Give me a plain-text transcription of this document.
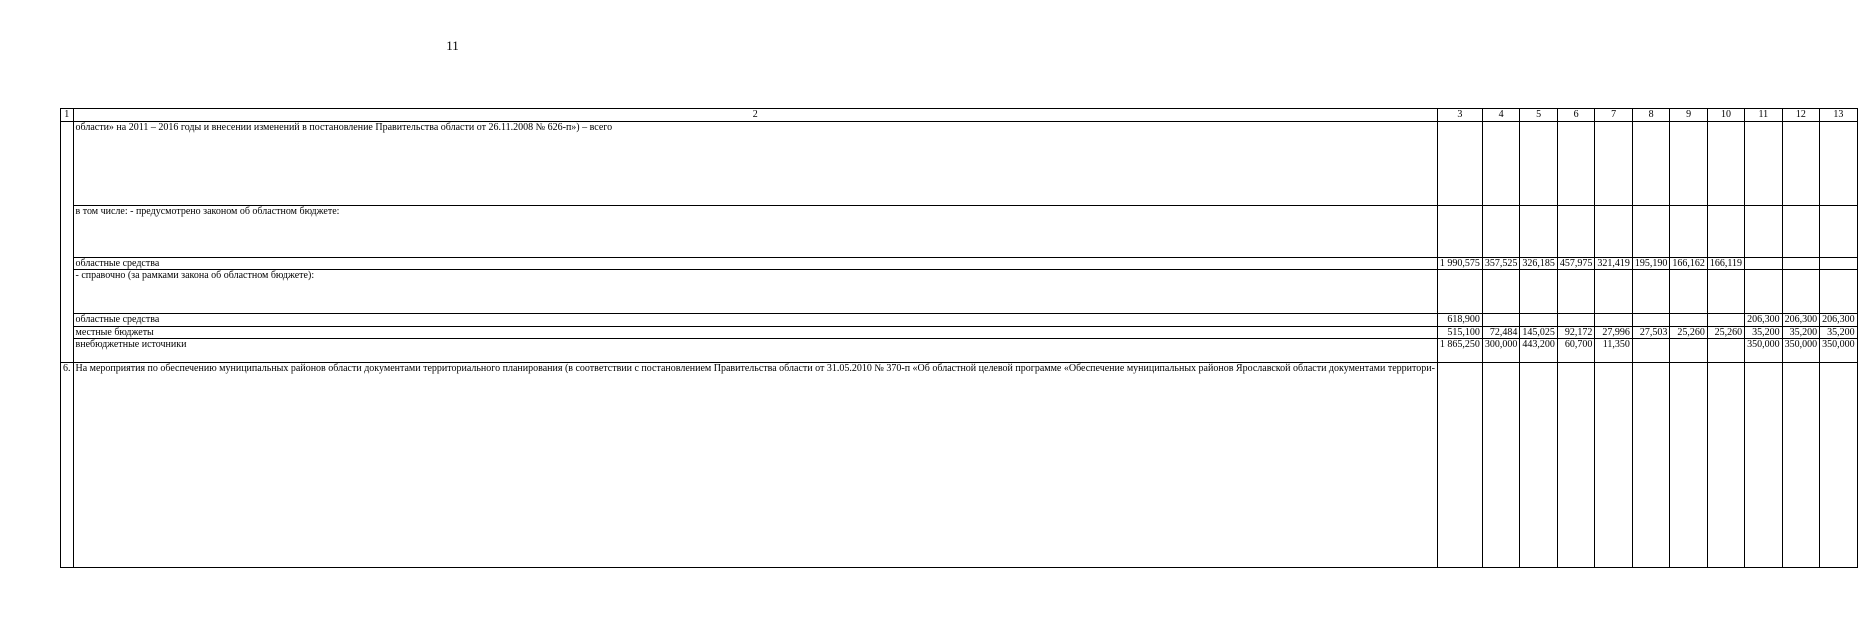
11
1	2	3	4	5	6	7	8	9	10	11	12	13
	области» на 2011 – 2016 годы и внесении изменений в постановление Правительства области от 26.11.2008 № 626-п») – всего											
	в том числе: - предусмотрено законом об областном бюджете:											
	областные средства	1 990,575	357,525	326,185	457,975	321,419	195,190	166,162	166,119			
	- справочно (за рамками закона об областном бюджете):											
	областные средства	618,900								206,300	206,300	206,300
	местные бюджеты	515,100	72,484	145,025	92,172	27,996	27,503	25,260	25,260	35,200	35,200	35,200
	внебюджетные источники	1 865,250	300,000	443,200	60,700	11,350				350,000	350,000	350,000
6.	На мероприятия по обеспечению муниципальных районов области документами территориального планирования (в соответствии с постановлением Правительства области от 31.05.2010 № 370-п «Об областной целевой программе «Обеспечение муниципальных районов Ярославской области документами территори-											
